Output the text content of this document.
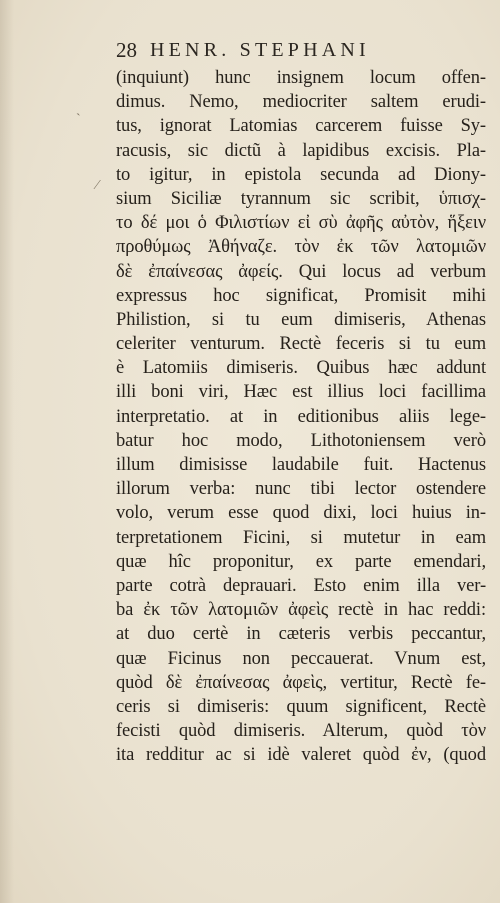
28 HENR. STEPHANI
(inquiunt) hunc insignem locum offen-
dimus. Nemo, mediocriter saltem erudi-
tus, ignorat Latomias carcerem fuisse Sy-
racusis, sic dictũ à lapidibus excisis. Pla-
to igitur, in epistola secunda ad Diony-
sium Siciliæ tyrannum sic scribit, ὑπισχ-
το δέ μοι ὁ Φιλιστίων εἰ σὺ ἀφῆς αὐτὸν, ἥξειν
προθύμως Ἀθήναζε. τὸν ἐκ τῶν λατομιῶν
δὲ ἐπαίνεσας ἀφείς. Qui locus ad verbum
expressus hoc significat, Promisit mihi
Philistion, si tu eum dimiseris, Athenas
celeriter venturum. Rectè feceris si tu eum
è Latomiis dimiseris. Quibus hæc addunt
illi boni viri, Hæc est illius loci facillima
interpretatio. at in editionibus aliis lege-
batur hoc modo, Lithotoniensem verò
illum dimisisse laudabile fuit. Hactenus
illorum verba: nunc tibi lector ostendere
volo, verum esse quod dixi, loci huius in-
terpretationem Ficini, si mutetur in eam
quæ hîc proponitur, ex parte emendari,
parte cotrà deprauari. Esto enim illa ver-
ba ἐκ τῶν λατομιῶν ἀφεὶς rectè in hac reddi:
at duo certè in cæteris verbis peccantur,
quæ Ficinus non peccauerat. Vnum est,
quòd δὲ ἐπαίνεσας ἀφεὶς, vertitur, Rectè fe-
ceris si dimiseris: quum significent, Rectè
fecisti quòd dimiseris. Alterum, quòd τὸν
ita redditur ac si idè valeret quòd ἐν, (quod
ˋ
⁄
